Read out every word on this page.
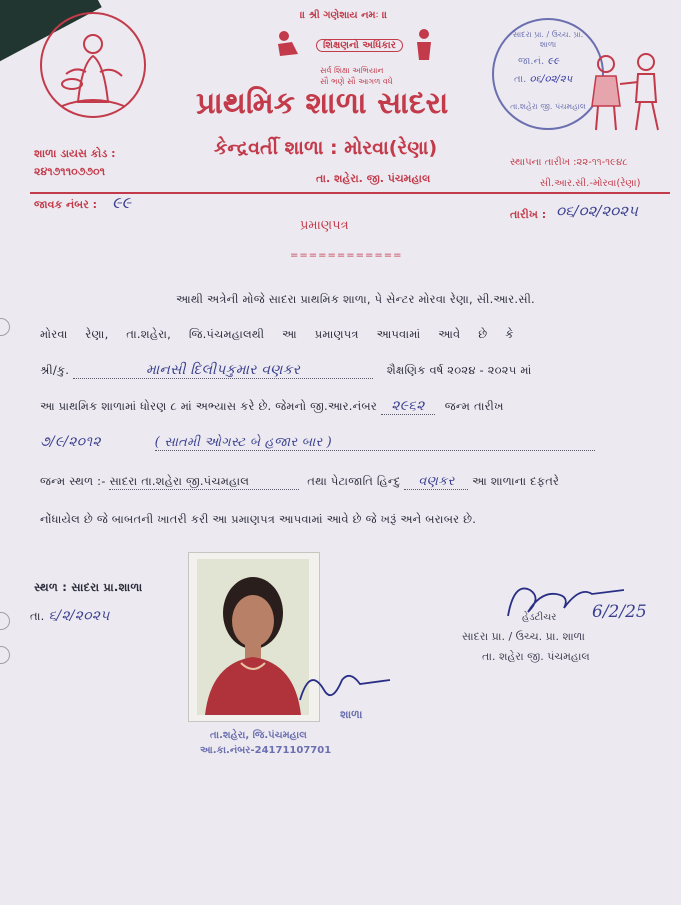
॥ શ્રી ગણેશાય નમઃ ॥
શિક્ષણનો અધિકાર
સર્વ શિક્ષા અભિયાન
સૌ ભણે સૌ આગળ વધે
સાદરા પ્રા. / ઉચ્ચ. પ્રા. શાળા
જા.નં. ૯૯
તા. ૦૬/૦૨/૨૫
તા.શહેરા જી. પંચમહાલ
પ્રાથમિક શાળા સાદરા
શાળા ડાયસ કોડ :
૨૪૧૭૧૧૦૭૭૦૧
કેન્દ્રવર્તી શાળા : મોરવા(રેણા)
સ્થાપના તારીખ :૨૨-૧૧-૧૯૪૮
તા. શહેરા. જી. પંચમહાલ	સી.આર.સી.-મોરવા(રેણા)
જાવક નંબર : ૯૯
તારીખ : ૦૬/૦૨/૨૦૨૫
પ્રમાણપત્ર
============
આથી અત્રેની મોજે સાદરા પ્રાથમિક શાળા, પે સેન્ટર મોરવા રેણા, સી.આર.સી.
મોરવા રેણા, તા.શહેરા, જિ.પંચમહાલથી આ પ્રમાણપત્ર આપવામાં આવે છે કે
શ્રી/કુ.	માનસી દિલીપકુમાર વણકર	શૈક્ષણિક વર્ષ ૨૦૨૪ - ૨૦૨૫ માં
આ પ્રાથમિક શાળામાં ધોરણ ૮ માં અભ્યાસ કરે છે. જેમનો જી.આર.નંબર ૨૯૬૨ જન્મ તારીખ
૭/૯/૨૦૧૨	( સાતમી ઓગસ્ટ બે હજાર બાર )
જન્મ સ્થળ :- સાદરા તા.શહેરા જી.પંચમહાલ	તથા પેટાજાતિ હિન્દુ વણકર આ શાળાના દફતરે
નોંધાયેલ છે જે બાબતની ખાતરી કરી આ પ્રમાણપત્ર આપવામાં આવે છે જે ખરૂં અને બરાબર છે.
સ્થળ : સાદરા પ્રા.શાળા
તા. ૬/૨/૨૦૨૫
શાળા
તા.શહેરા, જિ.પંચમહાલ
આ.કા.નંબર-24171107701
6/2/25
હેડટીચર
સાદરા પ્રા. / ઉચ્ચ. પ્રા. શાળા
તા. શહેરા જી. પંચમહાલ
